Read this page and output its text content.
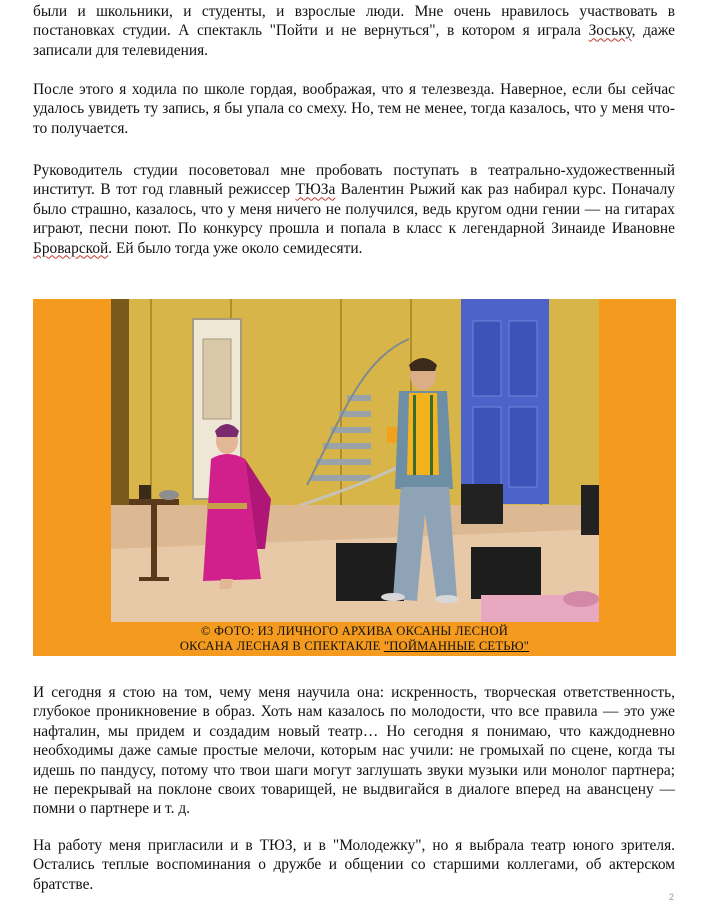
были и школьники, и студенты, и взрослые люди. Мне очень нравилось участвовать в постановках студии. А спектакль "Пойти и не вернуться", в котором я играла Зоську, даже записали для телевидения.

После этого я ходила по школе гордая, воображая, что я телезвезда. Наверное, если бы сейчас удалось увидеть ту запись, я бы упала со смеху. Но, тем не менее, тогда казалось, что у меня что-то получается.

Руководитель студии посоветовал мне пробовать поступать в театрально-художественный институт. В тот год главный режиссер ТЮЗа Валентин Рыжий как раз набирал курс. Поначалу было страшно, казалось, что у меня ничего не получился, ведь кругом одни гении — на гитарах играют, песни поют. По конкурсу прошла и попала в класс к легендарной Зинаиде Ивановне Броварской. Ей было тогда уже около семидесяти.

© ФОТО: ИЗ ЛИЧНОГО АРХИВА ОКСАНЫ ЛЕСНОЙ
ОКСАНА ЛЕСНАЯ В СПЕКТАКЛЕ "ПОЙМАННЫЕ СЕТЬЮ"

И сегодня я стою на том, чему меня научила она: искренность, творческая ответственность, глубокое проникновение в образ. Хоть нам казалось по молодости, что все правила — это уже нафталин, мы придем и создадим новый театр… Но сегодня я понимаю, что каждодневно необходимы даже самые простые мелочи, которым нас учили: не громыхай по сцене, когда ты идешь по пандусу, потому что твои шаги могут заглушать звуки музыки или монолог партнера; не перекрывай на поклоне своих товарищей, не выдвигайся в диалоге вперед на авансцену — помни о партнере и т. д.

На работу меня пригласили и в ТЮЗ, и в "Молодежку", но я выбрала театр юного зрителя. Остались теплые воспоминания о дружбе и общении со старшими коллегами, об актерском братстве.

2
